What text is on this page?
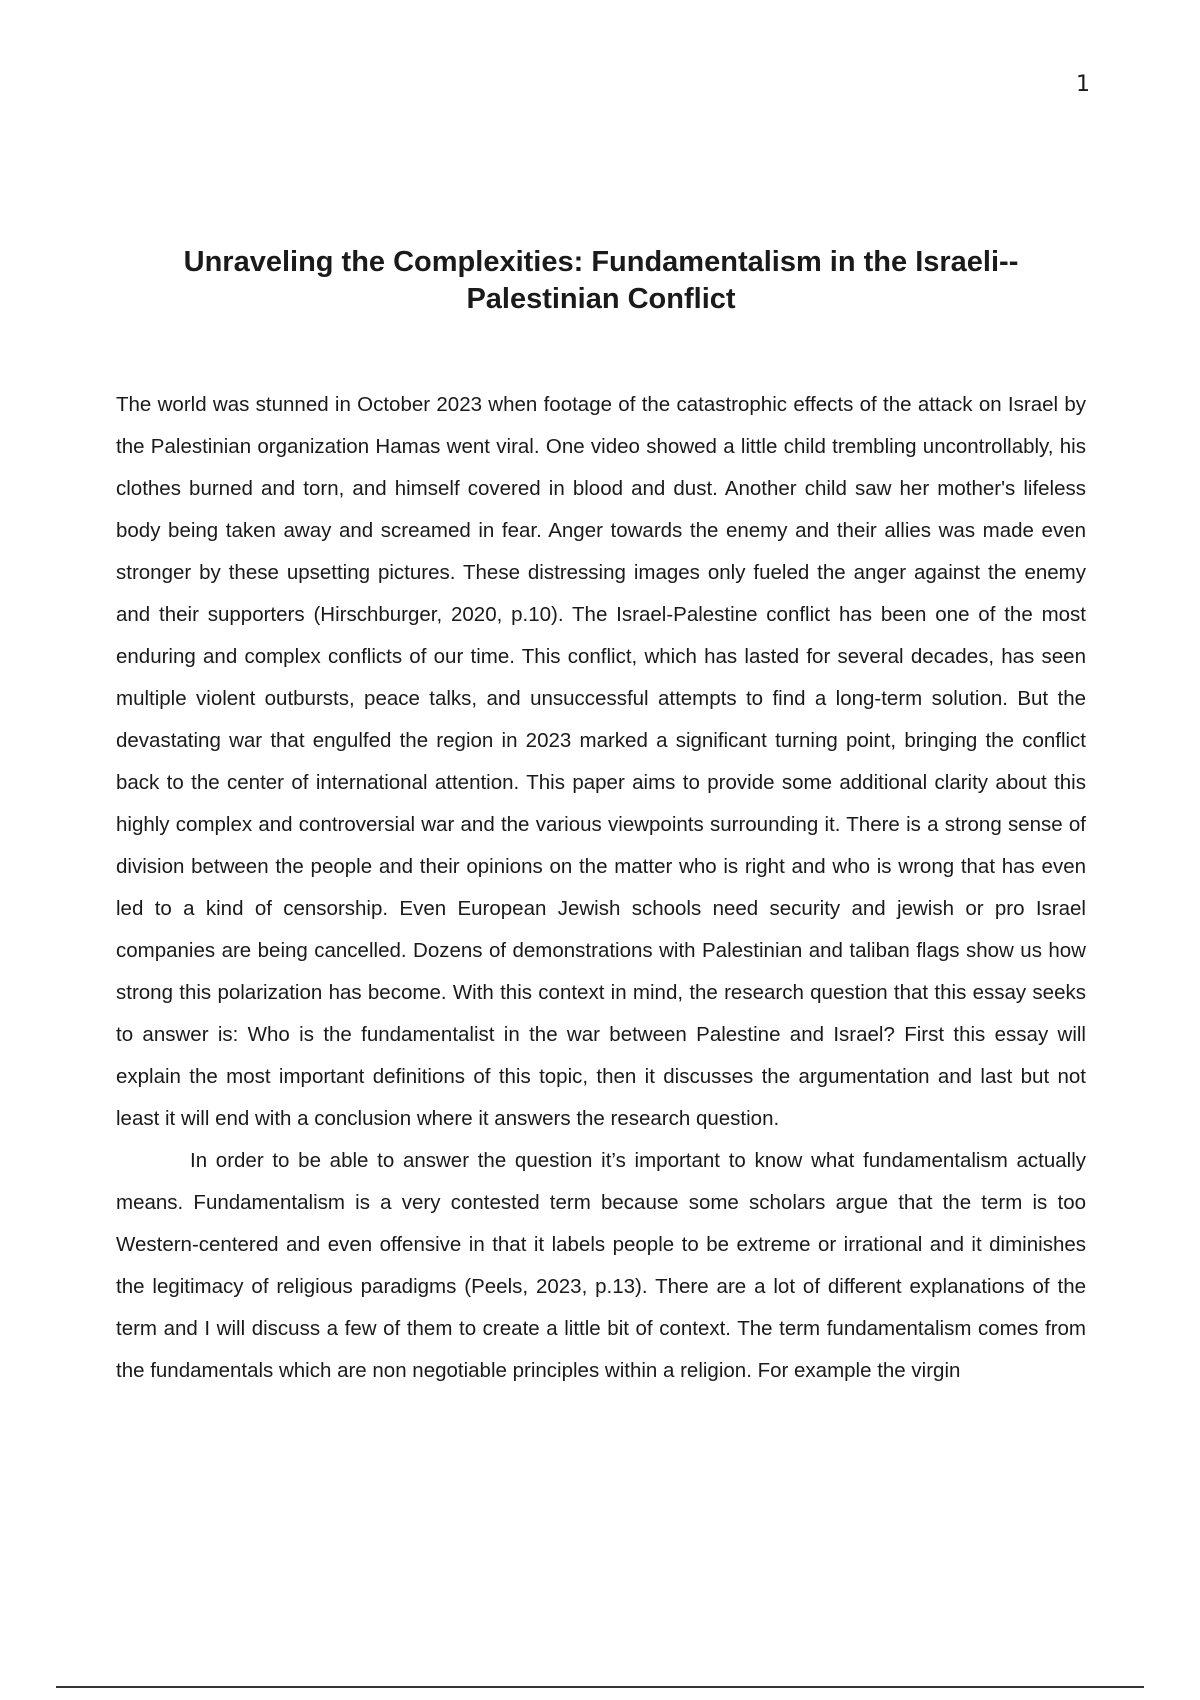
1
Unraveling the Complexities: Fundamentalism in the Israeli-Palestinian Conflict

The world was stunned in October 2023 when footage of the catastrophic effects of the attack on Israel by the Palestinian organization Hamas went viral. One video showed a little child trembling uncontrollably, his clothes burned and torn, and himself covered in blood and dust. Another child saw her mother's lifeless body being taken away and screamed in fear. Anger towards the enemy and their allies was made even stronger by these upsetting pictures. These distressing images only fueled the anger against the enemy and their supporters (Hirschburger, 2020, p.10). The Israel-Palestine conflict has been one of the most enduring and complex conflicts of our time. This conflict, which has lasted for several decades, has seen multiple violent outbursts, peace talks, and unsuccessful attempts to find a long-term solution. But the devastating war that engulfed the region in 2023 marked a significant turning point, bringing the conflict back to the center of international attention. This paper aims to provide some additional clarity about this highly complex and controversial war and the various viewpoints surrounding it. There is a strong sense of division between the people and their opinions on the matter who is right and who is wrong that has even led to a kind of censorship. Even European Jewish schools need security and jewish or pro Israel companies are being cancelled. Dozens of demonstrations with Palestinian and taliban flags show us how strong this polarization has become. With this context in mind, the research question that this essay seeks to answer is: Who is the fundamentalist in the war between Palestine and Israel? First this essay will explain the most important definitions of this topic, then it discusses the argumentation and last but not least it will end with a conclusion where it answers the research question.

In order to be able to answer the question it’s important to know what fundamentalism actually means. Fundamentalism is a very contested term because some scholars argue that the term is too Western-centered and even offensive in that it labels people to be extreme or irrational and it diminishes the legitimacy of religious paradigms (Peels, 2023, p.13). There are a lot of different explanations of the term and I will discuss a few of them to create a little bit of context. The term fundamentalism comes from the fundamentals which are non negotiable principles within a religion. For example the virgin
